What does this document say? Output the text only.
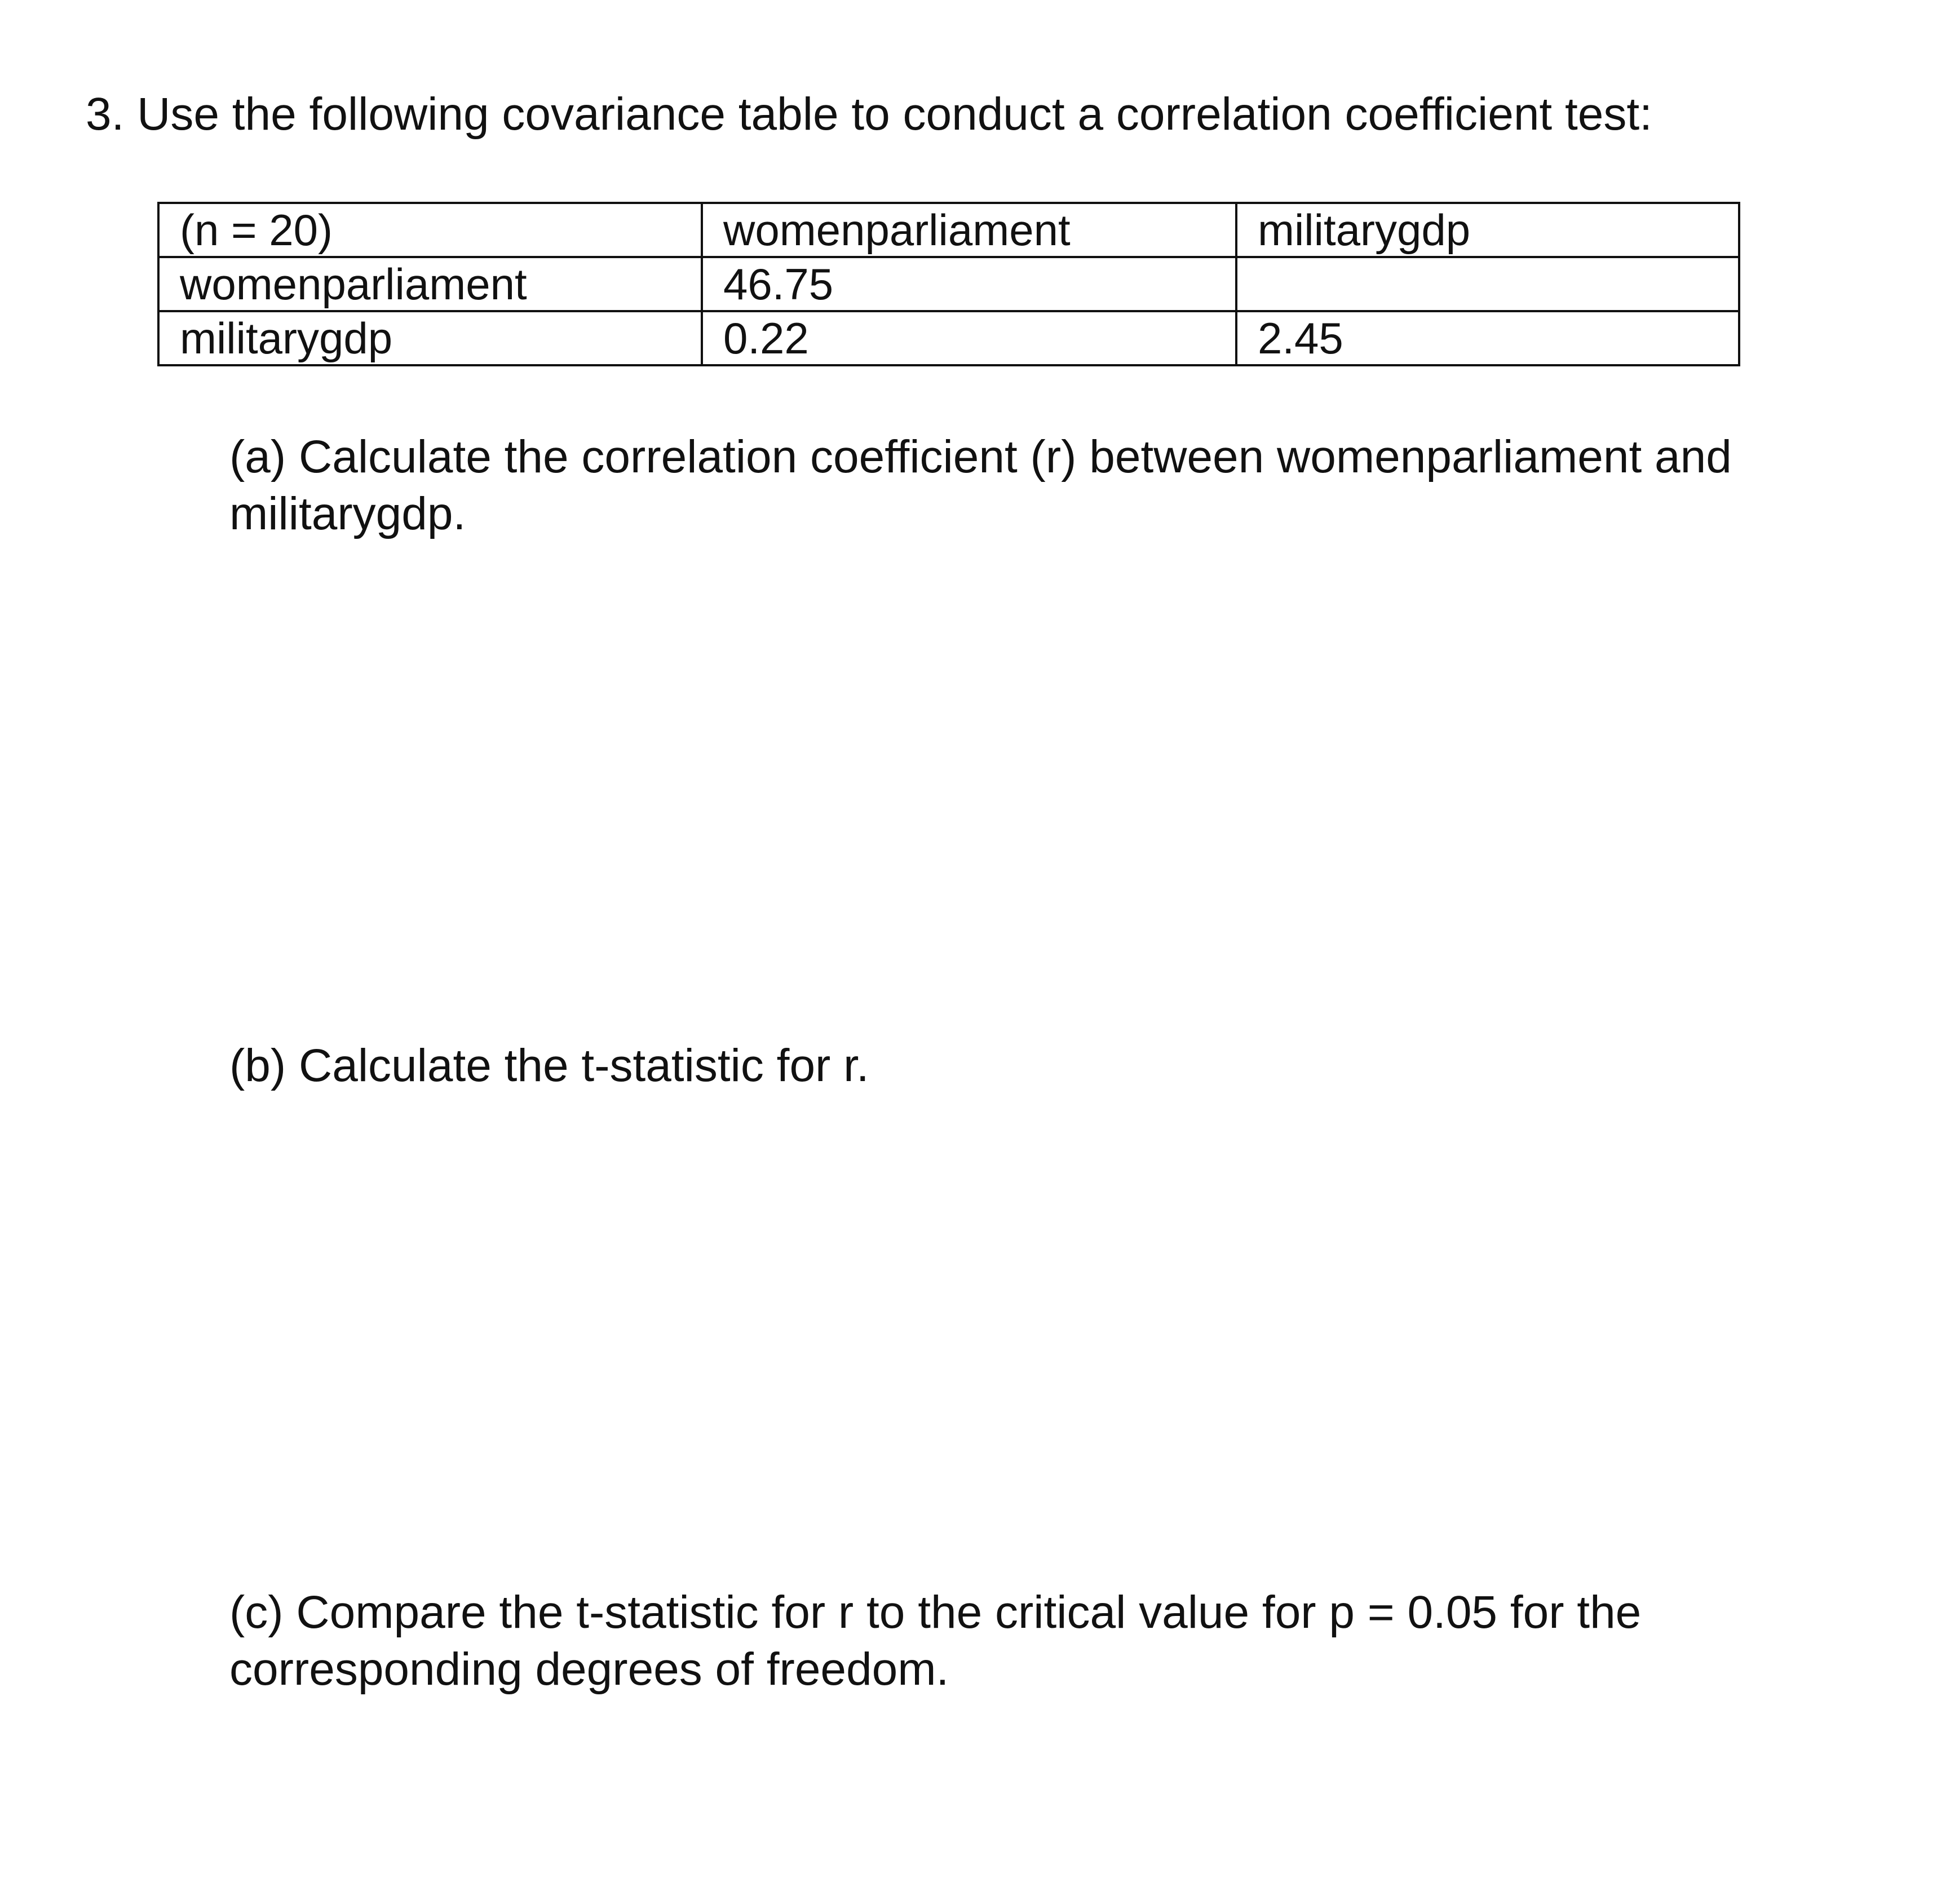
3. Use the following covariance table to conduct a correlation coefficient test:
(n = 20)	womenparliament	militarygdp
womenparliament	46.75	
militarygdp	0.22	2.45

(a) Calculate the correlation coefficient (r) between womenparliament and militarygdp.

(b) Calculate the t-statistic for r.

(c) Compare the t-statistic for r to the critical value for p = 0.05 for the corresponding degrees of freedom.
